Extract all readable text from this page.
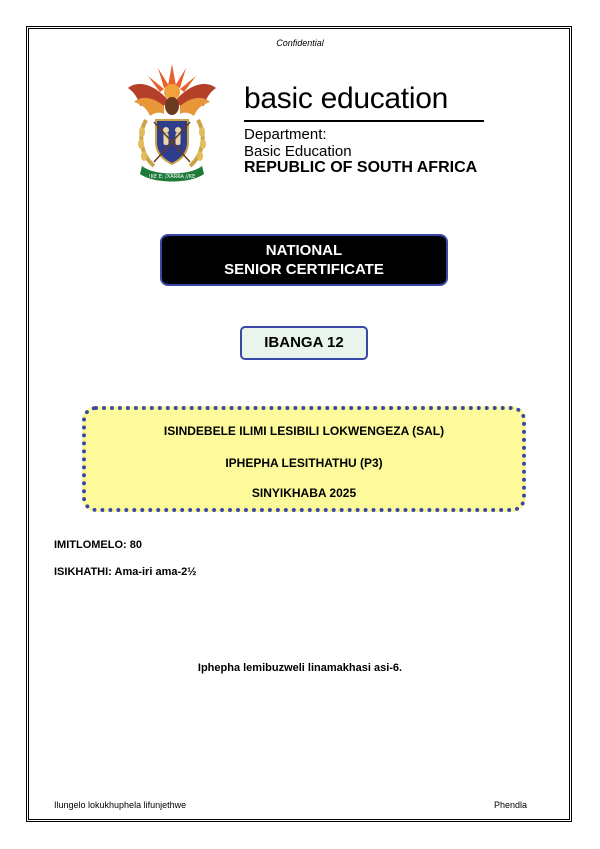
Confidential
!KE E: /XARRA //KE
basic education
Department:
Basic Education
REPUBLIC OF SOUTH AFRICA
NATIONAL
SENIOR CERTIFICATE
IBANGA 12
ISINDEBELE ILIMI LESIBILI LOKWENGEZA (SAL)
IPHEPHA LESITHATHU (P3)
SINYIKHABA 2025
IMITLOMELO: 80
ISIKHATHI: Ama-iri ama-2½
Iphepha lemibuzweli linamakhasi asi-6.
Ilungelo lokukhuphela lifunjethwe	Phendla
